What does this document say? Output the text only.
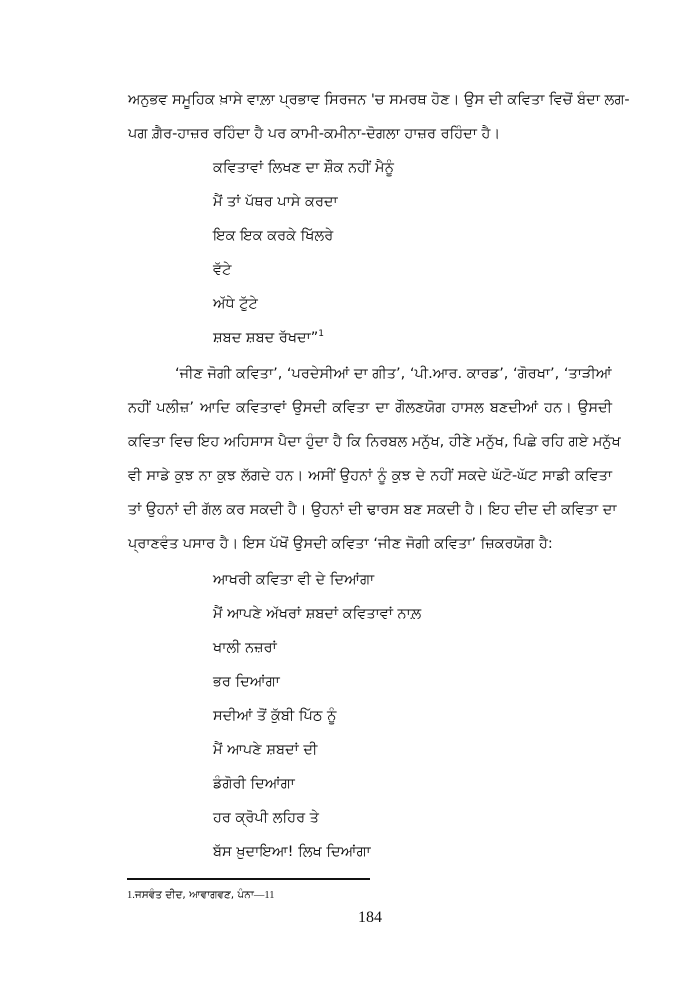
ਅਨੁਭਵ ਸਮੂਹਿਕ ਖ਼ਾਸੇ ਵਾਲ਼ਾ ਪ੍ਰਭਾਵ ਸਿਰਜਨ 'ਚ ਸਮਰਥ ਹੋਣ। ਉਸ ਦੀ ਕਵਿਤਾ ਵਿਚੋਂ ਬੰਦਾ ਲਗ-
ਪਗ ਗ਼ੈਰ-ਹਾਜ਼ਰ ਰਹਿੰਦਾ ਹੈ ਪਰ ਕਾਮੀ-ਕਮੀਨਾ-ਦੋਗਲਾ ਹਾਜ਼ਰ ਰਹਿੰਦਾ ਹੈ।
ਕਵਿਤਾਵਾਂ ਲਿਖਣ ਦਾ ਸ਼ੌਕ ਨਹੀਂ ਮੈਨੂੰ
ਮੈਂ ਤਾਂ ਪੱਥਰ ਪਾਸੇ ਕਰਦਾ
ਇਕ ਇਕ ਕਰਕੇ ਖਿੱਲਰੇ
ਵੱਟੇ
ਅੱਧੇ ਟੁੱਟੇ
ਸ਼ਬਦ ਸ਼ਬਦ ਰੱਖਦਾ”$^1$
‘ਜੀਣ ਜੋਗੀ ਕਵਿਤਾ’, ‘ਪਰਦੇਸੀਆਂ ਦਾ ਗੀਤ’, ‘ਪੀ.ਆਰ. ਕਾਰਡ’, ‘ਗੋਰਖਾ’, ‘ਤਾੜੀਆਂ
ਨਹੀਂ ਪਲੀਜ਼’ ਆਦਿ ਕਵਿਤਾਵਾਂ ਉਸਦੀ ਕਵਿਤਾ ਦਾ ਗੌਲਣਯੋਗ ਹਾਸਲ ਬਣਦੀਆਂ ਹਨ। ਉਸਦੀ
ਕਵਿਤਾ ਵਿਚ ਇਹ ਅਹਿਸਾਸ ਪੈਦਾ ਹੁੰਦਾ ਹੈ ਕਿ ਨਿਰਬਲ ਮਨੁੱਖ, ਹੀਣੇ ਮਨੁੱਖ, ਪਿਛੇ ਰਹਿ ਗਏ ਮਨੁੱਖ
ਵੀ ਸਾਡੇ ਕੁਝ ਨਾ ਕੁਝ ਲੱਗਦੇ ਹਨ। ਅਸੀਂ ਉਹਨਾਂ ਨੂੰ ਕੁਝ ਦੇ ਨਹੀਂ ਸਕਦੇ ਘੱਟੋ-ਘੱਟ ਸਾਡੀ ਕਵਿਤਾ
ਤਾਂ ਉਹਨਾਂ ਦੀ ਗੱਲ ਕਰ ਸਕਦੀ ਹੈ। ਉਹਨਾਂ ਦੀ ਢਾਰਸ ਬਣ ਸਕਦੀ ਹੈ। ਇਹ ਦੀਦ ਦੀ ਕਵਿਤਾ ਦਾ
ਪ੍ਰਾਣਵੰਤ ਪਸਾਰ ਹੈ। ਇਸ ਪੱਖੋਂ ਉਸਦੀ ਕਵਿਤਾ ‘ਜੀਣ ਜੋਗੀ ਕਵਿਤਾ’ ਜ਼ਿਕਰਯੋਗ ਹੈ:
ਆਖਰੀ ਕਵਿਤਾ ਵੀ ਦੇ ਦਿਆਂਗਾ
ਮੈਂ ਆਪਣੇ ਅੱਖਰਾਂ ਸ਼ਬਦਾਂ ਕਵਿਤਾਵਾਂ ਨਾਲ਼
ਖਾਲੀ ਨਜ਼ਰਾਂ
ਭਰ ਦਿਆਂਗਾ
ਸਦੀਆਂ ਤੋਂ ਕੁੱਬੀ ਪਿੱਠ ਨੂੰ
ਮੈਂ ਆਪਣੇ ਸ਼ਬਦਾਂ ਦੀ
ਡੰਗੋਰੀ ਦਿਆਂਗਾ
ਹਰ ਕ੍ਰੋਪੀ ਲਹਿਰ ਤੇ
ਬੱਸ ਖ਼ੁਦਾਇਆ! ਲਿਖ ਦਿਆਂਗਾ
1.ਜਸਵੰਤ ਦੀਦ, ਆਵਾਗਵਣ, ਪੰਨਾ—11
184
